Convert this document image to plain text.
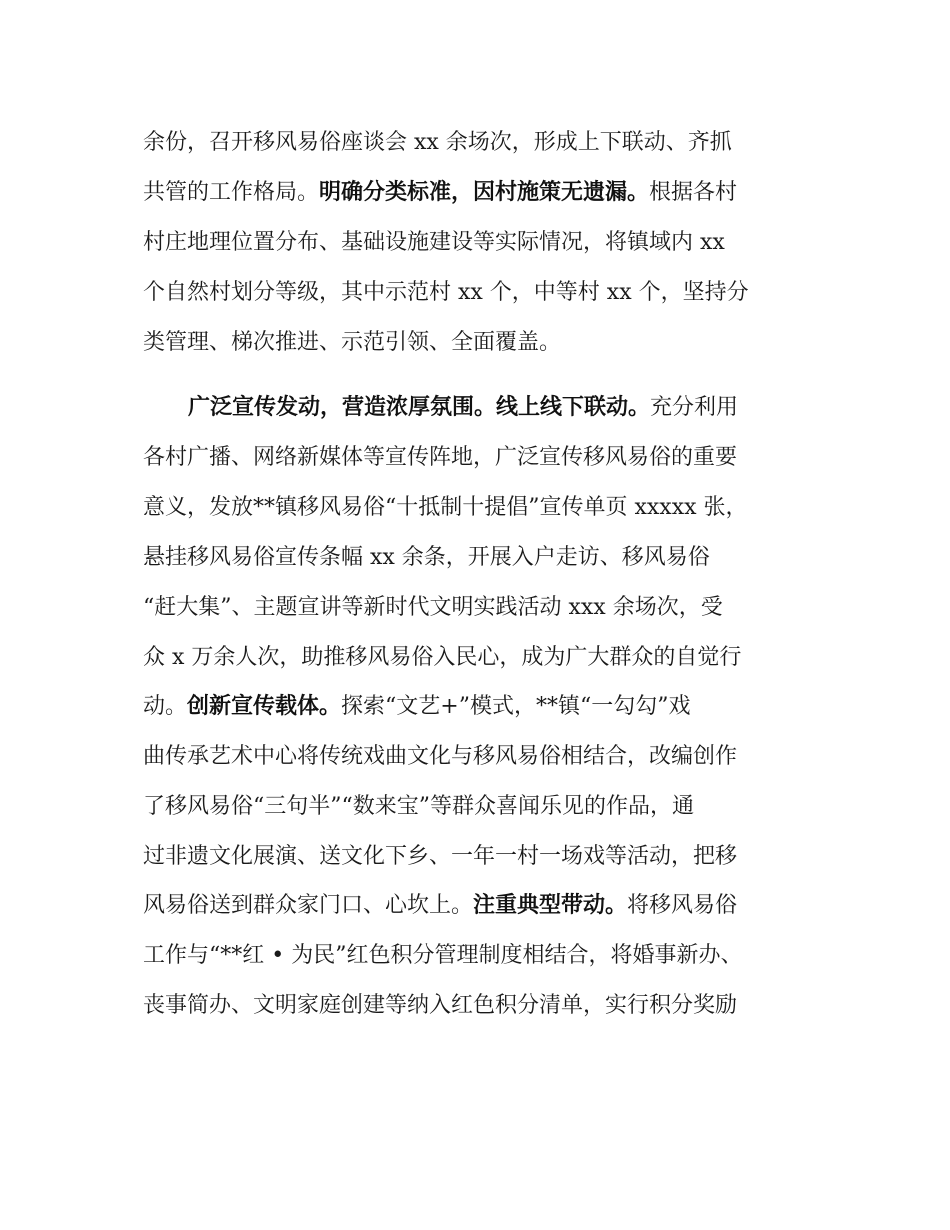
余份，召开移风易俗座谈会 xx 余场次，形成上下联动、齐抓
共管的工作格局。明确分类标准，因村施策无遗漏。根据各村
村庄地理位置分布、基础设施建设等实际情况，将镇域内 xx
个自然村划分等级，其中示范村 xx 个，中等村 xx 个，坚持分
类管理、梯次推进、示范引领、全面覆盖。
广泛宣传发动，营造浓厚氛围。线上线下联动。充分利用
各村广播、网络新媒体等宣传阵地，广泛宣传移风易俗的重要
意义，发放**镇移风易俗“十抵制十提倡”宣传单页 xxxxx 张，
悬挂移风易俗宣传条幅 xx 余条，开展入户走访、移风易俗
“赶大集”、主题宣讲等新时代文明实践活动 xxx 余场次，受
众 x 万余人次，助推移风易俗入民心，成为广大群众的自觉行
动。创新宣传载体。探索“文艺+”模式，**镇“一勾勾”戏
曲传承艺术中心将传统戏曲文化与移风易俗相结合，改编创作
了移风易俗“三句半”“数来宝”等群众喜闻乐见的作品，通
过非遗文化展演、送文化下乡、一年一村一场戏等活动，把移
风易俗送到群众家门口、心坎上。注重典型带动。将移风易俗
工作与“**红 • 为民”红色积分管理制度相结合，将婚事新办、
丧事简办、文明家庭创建等纳入红色积分清单，实行积分奖励
